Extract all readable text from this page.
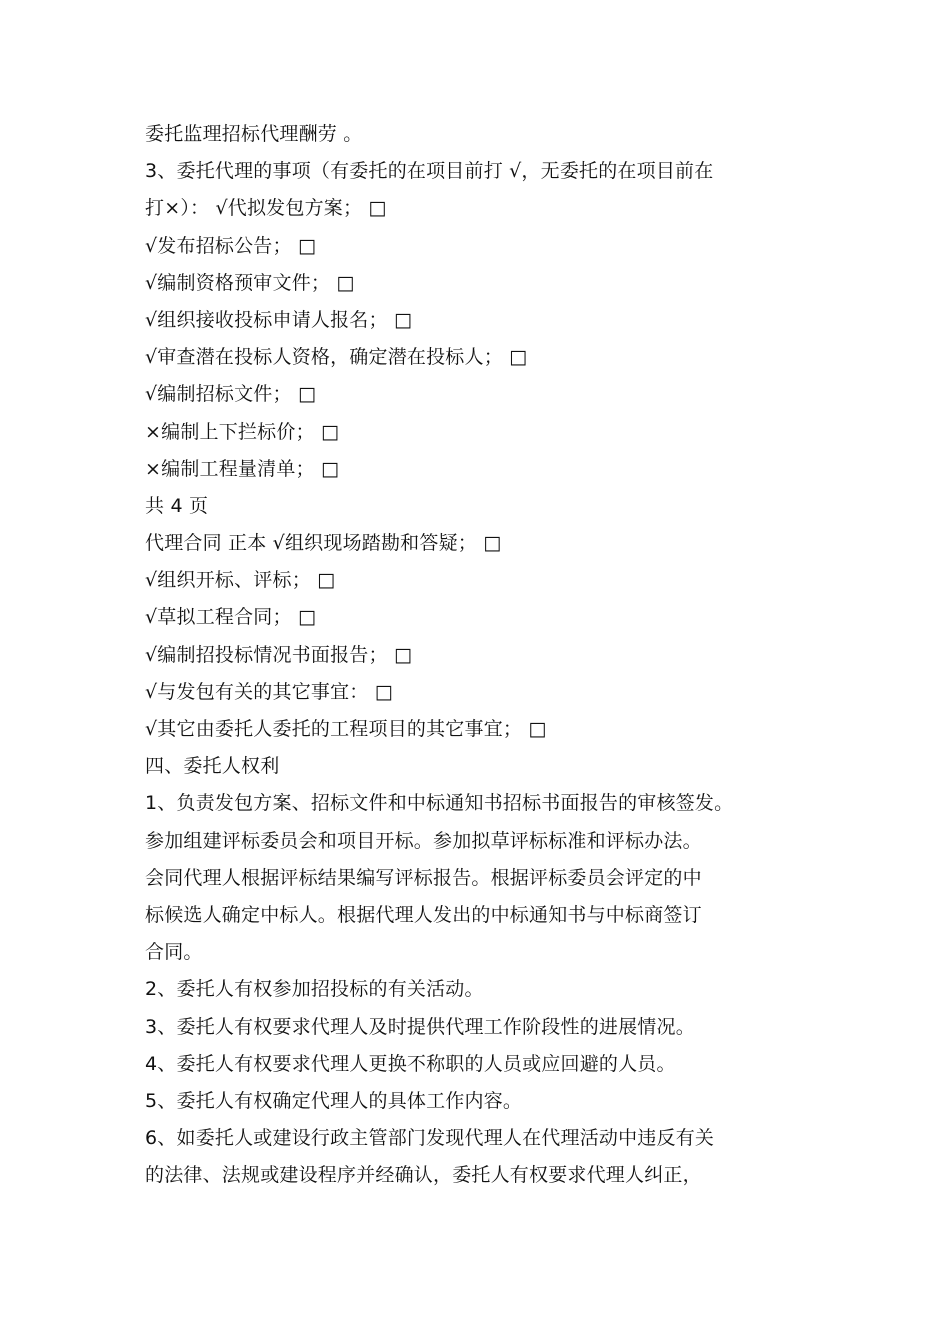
委托监理招标代理酬劳 。
3、委托代理的事项（有委托的在项目前打 √，无委托的在项目前在
打×）： √代拟发包方案； □
√发布招标公告； □
√编制资格预审文件； □
√组织接收投标申请人报名； □
√审查潜在投标人资格，确定潜在投标人； □
√编制招标文件； □
×编制上下拦标价； □
×编制工程量清单； □
共 4 页
代理合同 正本 √组织现场踏勘和答疑； □
√组织开标、评标； □
√草拟工程合同； □
√编制招投标情况书面报告； □
√与发包有关的其它事宜： □
√其它由委托人委托的工程项目的其它事宜； □
四、委托人权利
1、负责发包方案、招标文件和中标通知书招标书面报告的审核签发。
参加组建评标委员会和项目开标。参加拟草评标标准和评标办法。
会同代理人根据评标结果编写评标报告。根据评标委员会评定的中
标候选人确定中标人。根据代理人发出的中标通知书与中标商签订
合同。
2、委托人有权参加招投标的有关活动。
3、委托人有权要求代理人及时提供代理工作阶段性的进展情况。
4、委托人有权要求代理人更换不称职的人员或应回避的人员。
5、委托人有权确定代理人的具体工作内容。
6、如委托人或建设行政主管部门发现代理人在代理活动中违反有关
的法律、法规或建设程序并经确认，委托人有权要求代理人纠正，
